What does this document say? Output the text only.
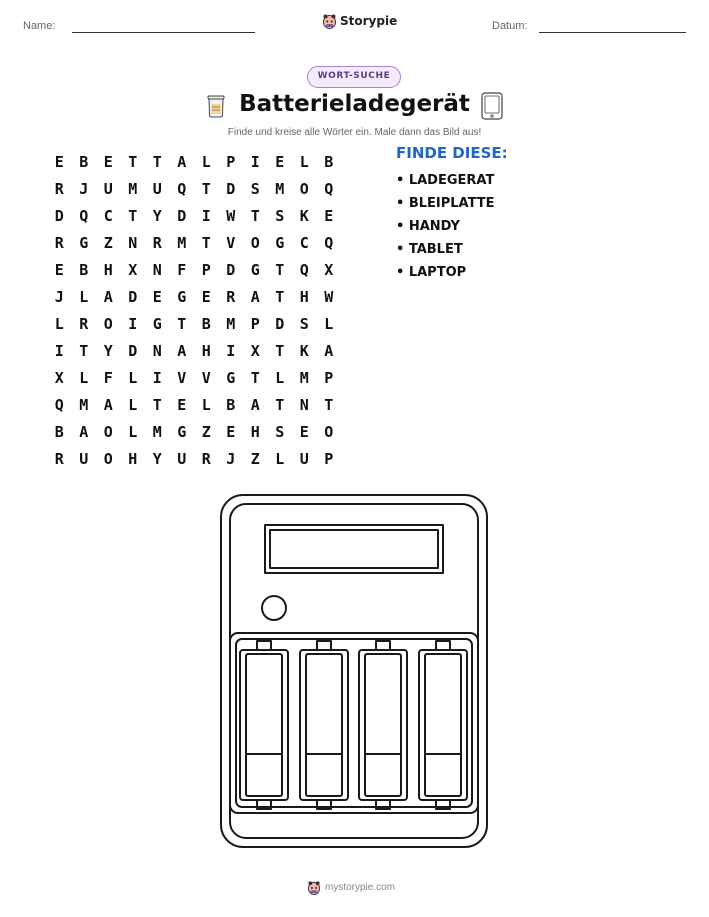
Name:	Storypie	Datum:
WORT-SUCHE
Batterieladegerät
Finde und kreise alle Wörter ein. Male dann das Bild aus!
E	B	E	T	T	A	L	P	I	E	L	B
R	J	U	M	U	Q	T	D	S	M	O	Q
D	Q	C	T	Y	D	I	W	T	S	K	E
R	G	Z	N	R	M	T	V	O	G	C	Q
E	B	H	X	N	F	P	D	G	T	Q	X
J	L	A	D	E	G	E	R	A	T	H	W
L	R	O	I	G	T	B	M	P	D	S	L
I	T	Y	D	N	A	H	I	X	T	K	A
X	L	F	L	I	V	V	G	T	L	M	P
Q	M	A	L	T	E	L	B	A	T	N	T
B	A	O	L	M	G	Z	E	H	S	E	O
R	U	O	H	Y	U	R	J	Z	L	U	P
FINDE DIESE:
• LADEGERAT
• BLEIPLATTE
• HANDY
• TABLET
• LAPTOP
mystorypie.com
